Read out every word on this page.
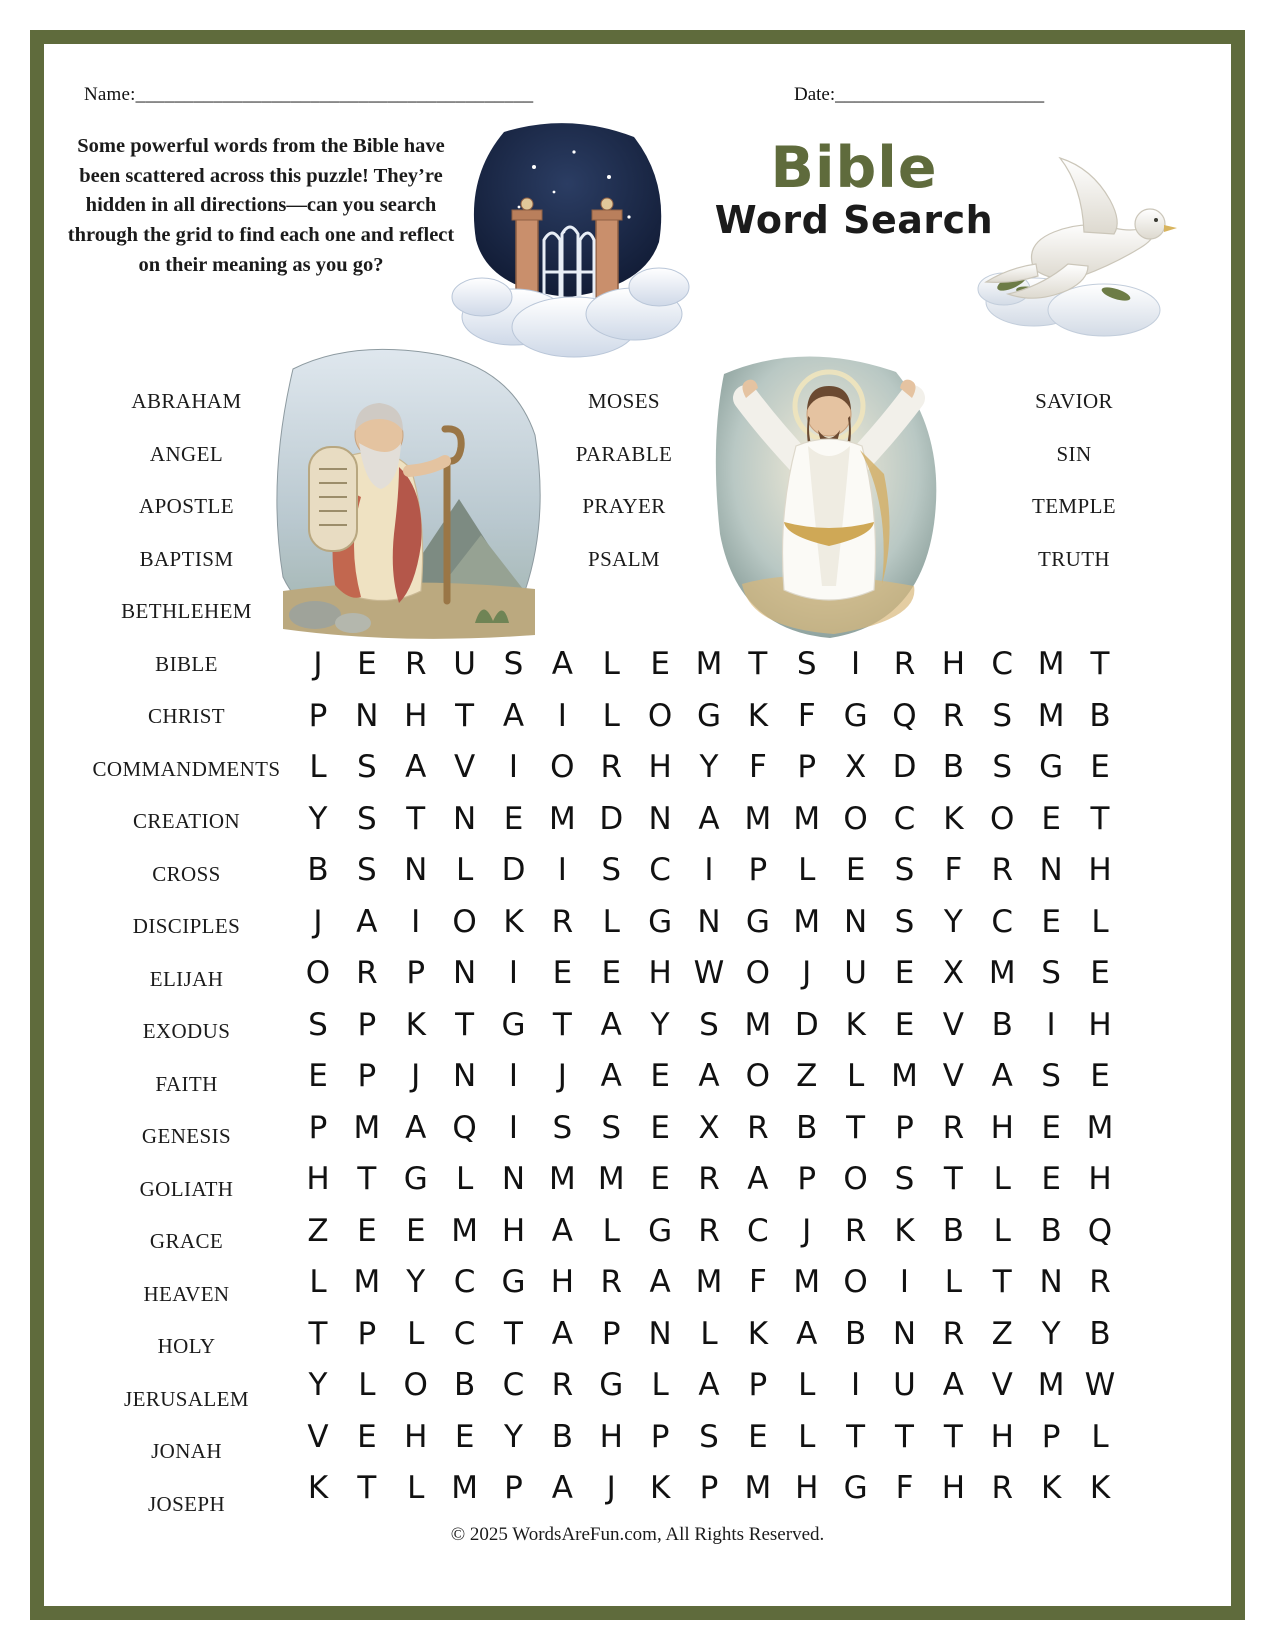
Name:_________________________________________	Date:______________________
Some powerful words from the Bible have been scattered across this puzzle! They’re hidden in all directions—can you search through the grid to find each one and reflect on their meaning as you go?
Bible
Word Search
ABRAHAM
ANGEL
APOSTLE
BAPTISM
BETHLEHEM
BIBLE
CHRIST
COMMANDMENTS
CREATION
CROSS
DISCIPLES
ELIJAH
EXODUS
FAITH
GENESIS
GOLIATH
GRACE
HEAVEN
HOLY
JERUSALEM
JONAH
JOSEPH
MOSES
PARABLE
PRAYER
PSALM
SAVIOR
SIN
TEMPLE
TRUTH
J	E R U S A L E M T S	I	R H C M T
P N H T A	I	L O G K F G Q R S M B
L S A V	I	O R H Y F P X D B S G E
Y S T N E M D N A M M O C K O E T
B S N L D	I	S C	I	P L E S F R N H
J	A	I	O K R L G N G M N S Y C E L
O R P N	I	E E H W O	J	U E X M S E
S P K T G T A Y S M D K E V B	I	H
E P	J	N	I	J	A E A O Z L M V A S E
P M A Q	I	S S E X R B T P R H E M
H T G L N M M E R A P O S T L E H
Z E E M H A L G R C	J	R K B L B Q
L M Y C G H R A M F M O	I	L T N R
T P L C T A P N L K A B N R Z Y B
Y L O B C R G L A P L	I	U A V M W
V E H E Y B H P S E L T T T H P L
K T L M P A	J	K P M H G F H R K K
© 2025 WordsAreFun.com, All Rights Reserved.
